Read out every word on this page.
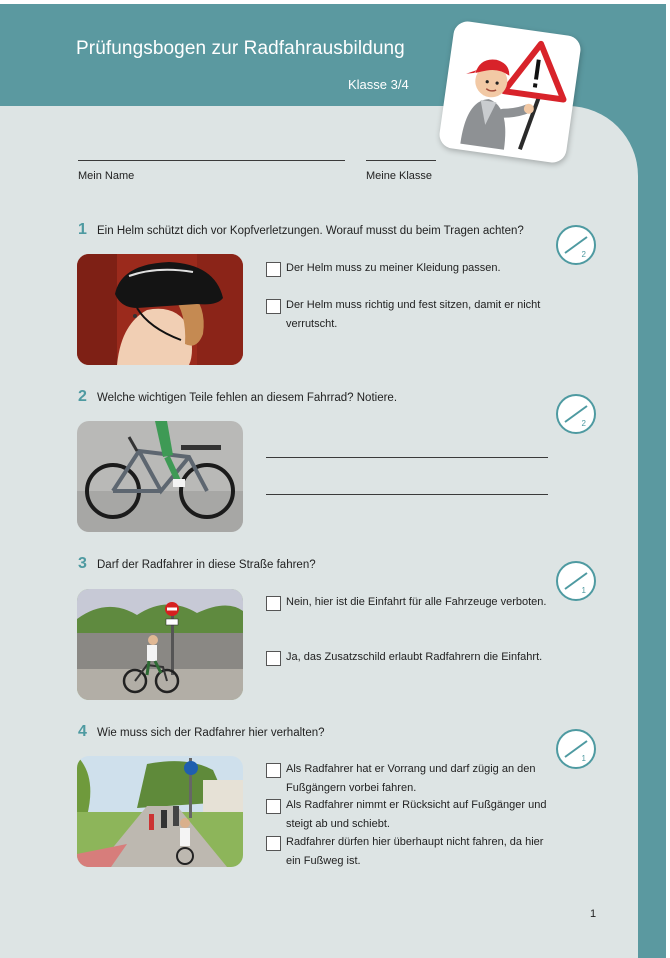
Prüfungsbogen zur Radfahrausbildung
Klasse 3/4
Mein Name	Meine Klasse
1 Ein Helm schützt dich vor Kopfverletzungen. Worauf musst du beim Tragen achten?
2
Der Helm muss zu meiner Kleidung passen.
Der Helm muss richtig und fest sitzen, damit er nicht verrutscht.
2 Welche wichtigen Teile fehlen an diesem Fahrrad? Notiere.
2
3 Darf der Radfahrer in diese Straße fahren?
1
Nein, hier ist die Einfahrt für alle Fahrzeuge verboten.
Ja, das Zusatzschild erlaubt Radfahrern die Einfahrt.
4 Wie muss sich der Radfahrer hier verhalten?
1
Als Radfahrer hat er Vorrang und darf zügig an den Fußgängern vorbei fahren.
Als Radfahrer nimmt er Rücksicht auf Fußgänger und steigt ab und schiebt.
Radfahrer dürfen hier überhaupt nicht fahren, da hier ein Fußweg ist.
1
